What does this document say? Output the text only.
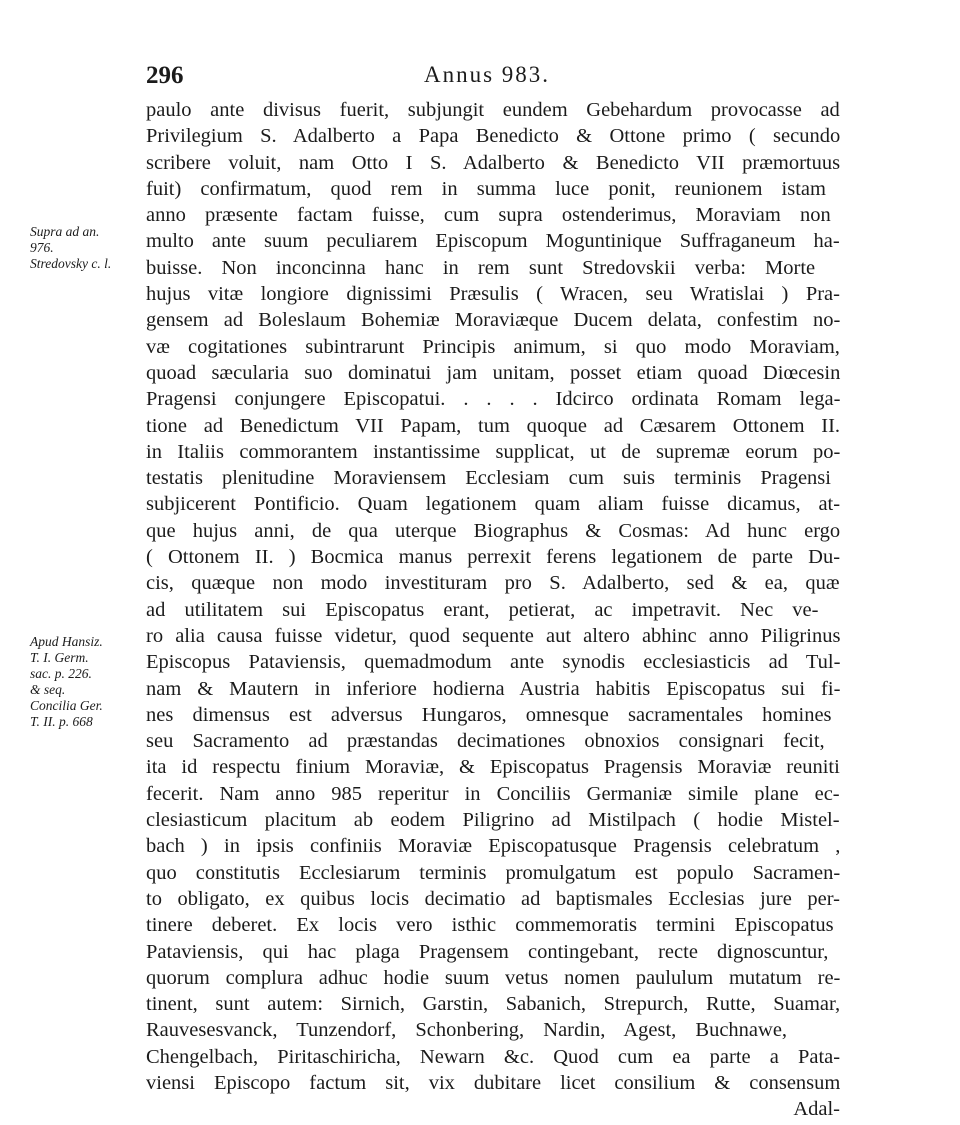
296	Annus 983.
Supra ad an.
976.
Stredovsky c. l.
Apud Hansiz.
T. I. Germ.
sac. p. 226.
& seq.
Concilia Ger.
T. II. p. 668
paulo ante divisus fuerit, subjungit eundem Gebehardum provocasse ad
Privilegium S. Adalberto a Papa Benedicto & Ottone primo ( secundo
scribere voluit, nam Otto I S. Adalberto & Benedicto VII præmortuus
fuit) confirmatum, quod rem in summa luce ponit, reunionem istam
anno præsente factam fuisse, cum supra ostenderimus, Moraviam non
multo ante suum peculiarem Episcopum Moguntinique Suffraganeum ha-
buisse. Non inconcinna hanc in rem sunt Stredovskii verba: Morte
hujus vitæ longiore dignissimi Præsulis ( Wracen, seu Wratislai ) Pra-
gensem ad Boleslaum Bohemiæ Moraviæque Ducem delata, confestim no-
væ cogitationes subintrarunt Principis animum, si quo modo Moraviam,
quoad sæcularia suo dominatui jam unitam, posset etiam quoad Diœcesin
Pragensi conjungere Episcopatui. . . . . Idcirco ordinata Romam lega-
tione ad Benedictum VII Papam, tum quoque ad Cæsarem Ottonem II.
in Italiis commorantem instantissime supplicat, ut de supremæ eorum po-
testatis plenitudine Moraviensem Ecclesiam cum suis terminis Pragensi
subjicerent Pontificio. Quam legationem quam aliam fuisse dicamus, at-
que hujus anni, de qua uterque Biographus & Cosmas: Ad hunc ergo
( Ottonem II. ) Bocmica manus perrexit ferens legationem de parte Du-
cis, quæque non modo investituram pro S. Adalberto, sed & ea, quæ
ad utilitatem sui Episcopatus erant, petierat, ac impetravit. Nec ve-
ro alia causa fuisse videtur, quod sequente aut altero abhinc anno Piligrinus
Episcopus Pataviensis, quemadmodum ante synodis ecclesiasticis ad Tul-
nam & Mautern in inferiore hodierna Austria habitis Episcopatus sui fi-
nes dimensus est adversus Hungaros, omnesque sacramentales homines
seu Sacramento ad præstandas decimationes obnoxios consignari fecit,
ita id respectu finium Moraviæ, & Episcopatus Pragensis Moraviæ reuniti
fecerit. Nam anno 985 reperitur in Conciliis Germaniæ simile plane ec-
clesiasticum placitum ab eodem Piligrino ad Mistilpach ( hodie Mistel-
bach ) in ipsis confiniis Moraviæ Episcopatusque Pragensis celebratum ,
quo constitutis Ecclesiarum terminis promulgatum est populo Sacramen-
to obligato, ex quibus locis decimatio ad baptismales Ecclesias jure per-
tinere deberet. Ex locis vero isthic commemoratis termini Episcopatus
Pataviensis, qui hac plaga Pragensem contingebant, recte dignoscuntur,
quorum complura adhuc hodie suum vetus nomen paululum mutatum re-
tinent, sunt autem: Sirnich, Garstin, Sabanich, Strepurch, Rutte, Suamar,
Rauvesesvanck, Tunzendorf, Schonbering, Nardin, Agest, Buchnawe,
Chengelbach, Piritaschiricha, Newarn &c. Quod cum ea parte a Pata-
viensi Episcopo factum sit, vix dubitare licet consilium & consensum
Adal-
